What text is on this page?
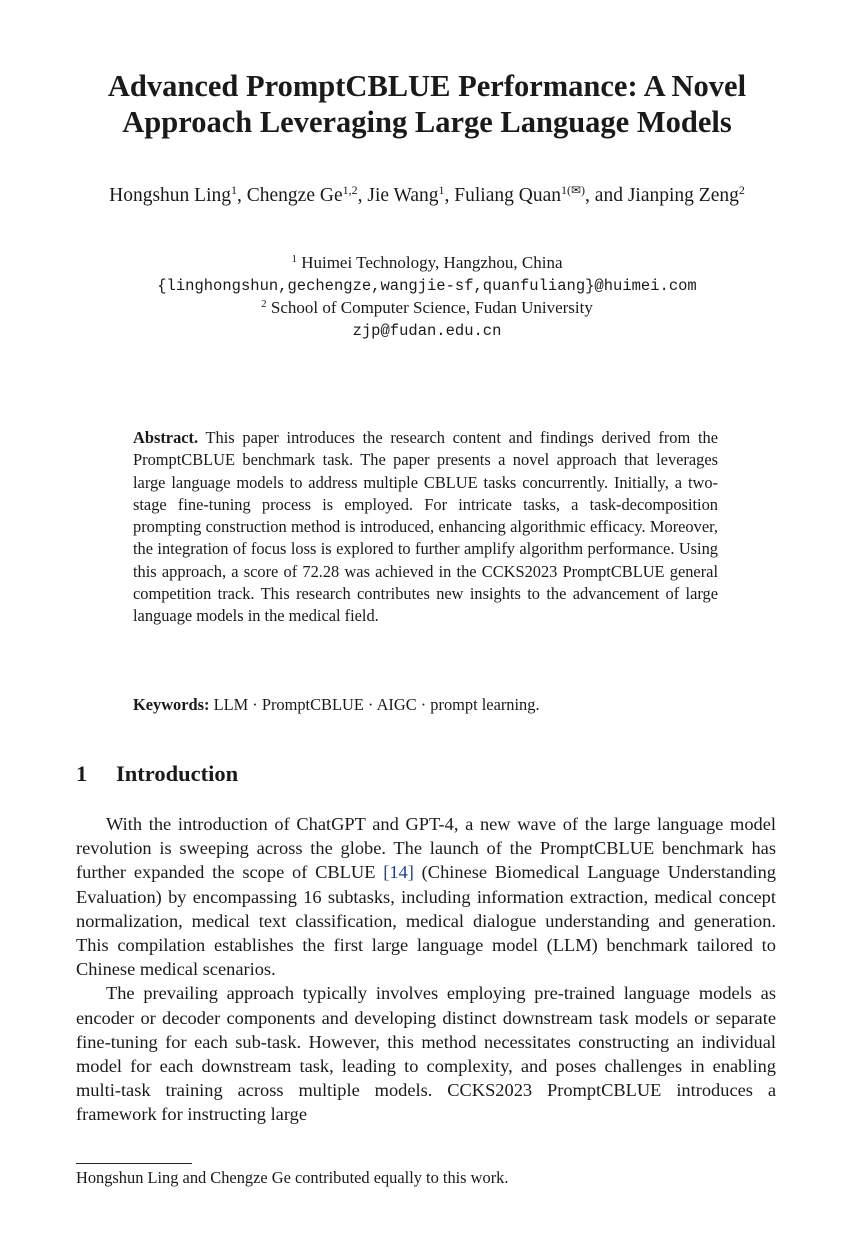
Advanced PromptCBLUE Performance: A Novel
Approach Leveraging Large Language Models
Hongshun Ling$^1$, Chengze Ge$^{1,2}$, Jie Wang$^1$, Fuliang Quan$^{1(✉)}$, and Jianping Zeng$^2$
$^1$ Huimei Technology, Hangzhou, China
{linghongshun,gechengze,wangjie-sf,quanfuliang}@huimei.com
$^2$ School of Computer Science, Fudan University
zjp@fudan.edu.cn
Abstract. This paper introduces the research content and findings derived from the PromptCBLUE benchmark task. The paper presents a novel approach that leverages large language models to address multiple CBLUE tasks concurrently. Initially, a two-stage fine-tuning process is employed. For intricate tasks, a task-decomposition prompting construction method is introduced, enhancing algorithmic efficacy. Moreover, the integration of focus loss is explored to further amplify algorithm performance. Using this approach, a score of 72.28 was achieved in the CCKS2023 PromptCBLUE general competition track. This research contributes new insights to the advancement of large language models in the medical field.
Keywords: LLM · PromptCBLUE · AIGC · prompt learning.
1 Introduction

With the introduction of ChatGPT and GPT-4, a new wave of the large language model revolution is sweeping across the globe. The launch of the PromptCBLUE benchmark has further expanded the scope of CBLUE [14] (Chinese Biomedical Language Understanding Evaluation) by encompassing 16 subtasks, including information extraction, medical concept normalization, medical text classification, medical dialogue understanding and generation. This compilation establishes the first large language model (LLM) benchmark tailored to Chinese medical scenarios.

The prevailing approach typically involves employing pre-trained language models as encoder or decoder components and developing distinct downstream task models or separate fine-tuning for each sub-task. However, this method necessitates constructing an individual model for each downstream task, leading to complexity, and poses challenges in enabling multi-task training across multiple models. CCKS2023 PromptCBLUE introduces a framework for instructing large

Hongshun Ling and Chengze Ge contributed equally to this work.
